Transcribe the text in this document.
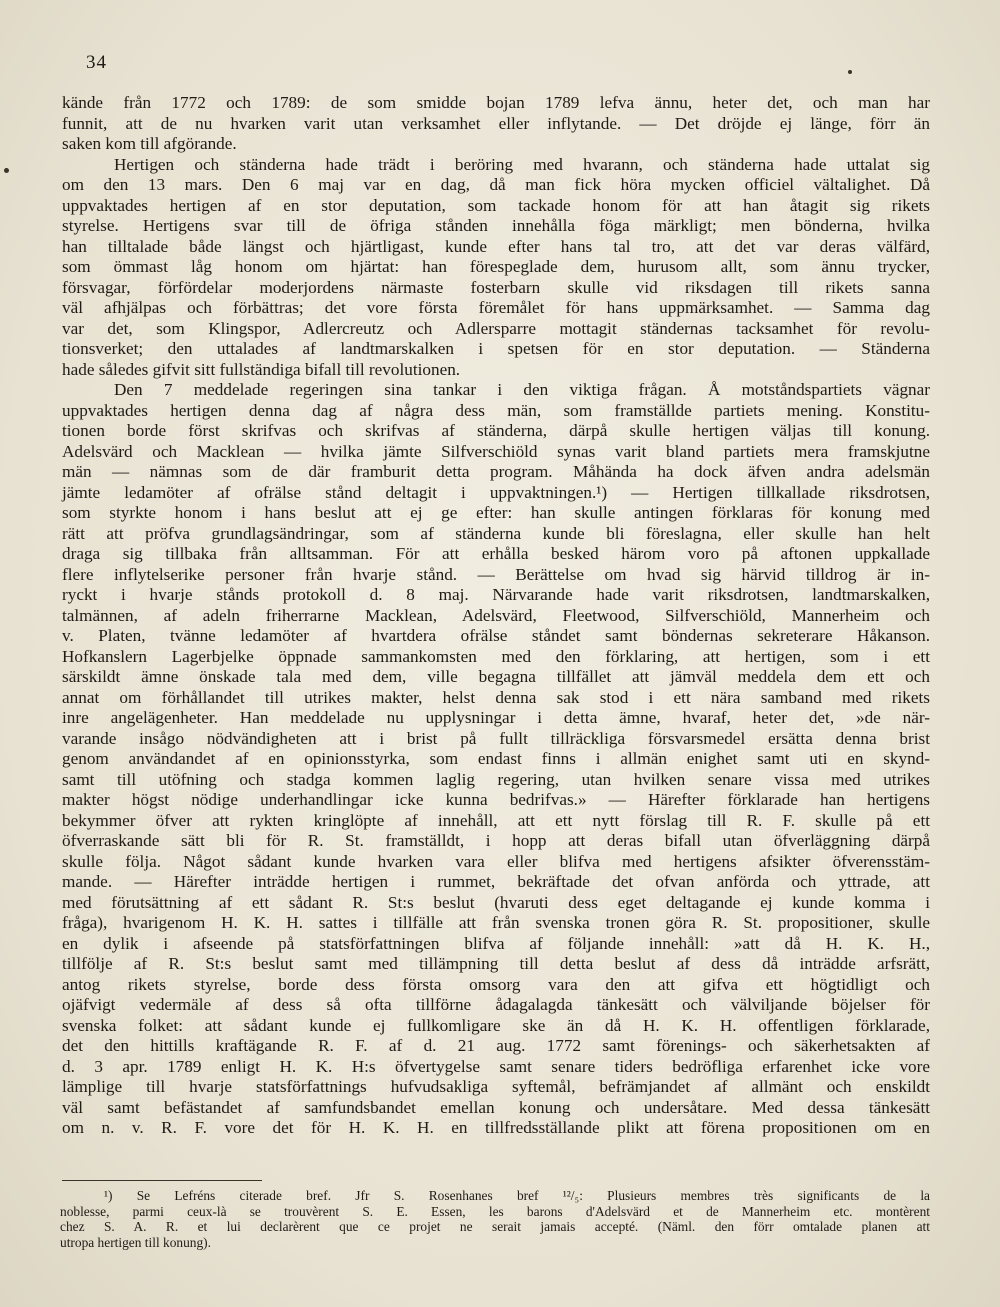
34
kände från 1772 och 1789: de som smidde bojan 1789 lefva ännu, heter det, och man har
funnit, att de nu hvarken varit utan verksamhet eller inflytande. — Det dröjde ej länge, förr än
saken kom till afgörande.
Hertigen och ständerna hade trädt i beröring med hvarann, och ständerna hade uttalat sig
om den 13 mars. Den 6 maj var en dag, då man fick höra mycken officiel vältalighet. Då
uppvaktades hertigen af en stor deputation, som tackade honom för att han åtagit sig rikets
styrelse. Hertigens svar till de öfriga stånden innehålla föga märkligt; men bönderna, hvilka
han tilltalade både längst och hjärtligast, kunde efter hans tal tro, att det var deras välfärd,
som ömmast låg honom om hjärtat: han förespeglade dem, hurusom allt, som ännu trycker,
försvagar, förfördelar moderjordens närmaste fosterbarn skulle vid riksdagen till rikets sanna
väl afhjälpas och förbättras; det vore första föremålet för hans uppmärksamhet. — Samma dag
var det, som Klingspor, Adlercreutz och Adlersparre mottagit ständernas tacksamhet för revolu-
tionsverket; den uttalades af landtmarskalken i spetsen för en stor deputation. — Ständerna
hade således gifvit sitt fullständiga bifall till revolutionen.
Den 7 meddelade regeringen sina tankar i den viktiga frågan. Å motståndspartiets vägnar
uppvaktades hertigen denna dag af några dess män, som framställde partiets mening. Konstitu-
tionen borde först skrifvas och skrifvas af ständerna, därpå skulle hertigen väljas till konung.
Adelsvärd och Macklean — hvilka jämte Silfverschiöld synas varit bland partiets mera framskjutne
män — nämnas som de där framburit detta program. Måhända ha dock äfven andra adelsmän
jämte ledamöter af ofrälse stånd deltagit i uppvaktningen.¹) — Hertigen tillkallade riksdrotsen,
som styrkte honom i hans beslut att ej ge efter: han skulle antingen förklaras för konung med
rätt att pröfva grundlagsändringar, som af ständerna kunde bli föreslagna, eller skulle han helt
draga sig tillbaka från alltsamman. För att erhålla besked härom voro på aftonen uppkallade
flere inflytelserike personer från hvarje stånd. — Berättelse om hvad sig härvid tilldrog är in-
ryckt i hvarje stånds protokoll d. 8 maj. Närvarande hade varit riksdrotsen, landtmarskalken,
talmännen, af adeln friherrarne Macklean, Adelsvärd, Fleetwood, Silfverschiöld, Mannerheim och
v. Platen, tvänne ledamöter af hvartdera ofrälse ståndet samt böndernas sekreterare Håkanson.
Hofkanslern Lagerbjelke öppnade sammankomsten med den förklaring, att hertigen, som i ett
särskildt ämne önskade tala med dem, ville begagna tillfället att jämväl meddela dem ett och
annat om förhållandet till utrikes makter, helst denna sak stod i ett nära samband med rikets
inre angelägenheter. Han meddelade nu upplysningar i detta ämne, hvaraf, heter det, »de när-
varande insågo nödvändigheten att i brist på fullt tillräckliga försvarsmedel ersätta denna brist
genom användandet af en opinionsstyrka, som endast finns i allmän enighet samt uti en skynd-
samt till utöfning och stadga kommen laglig regering, utan hvilken senare vissa med utrikes
makter högst nödige underhandlingar icke kunna bedrifvas.» — Härefter förklarade han hertigens
bekymmer öfver att rykten kringlöpte af innehåll, att ett nytt förslag till R. F. skulle på ett
öfverraskande sätt bli för R. St. framställdt, i hopp att deras bifall utan öfverläggning därpå
skulle följa. Något sådant kunde hvarken vara eller blifva med hertigens afsikter öfverensstäm-
mande. — Härefter inträdde hertigen i rummet, bekräftade det ofvan anförda och yttrade, att
med förutsättning af ett sådant R. St:s beslut (hvaruti dess eget deltagande ej kunde komma i
fråga), hvarigenom H. K. H. sattes i tillfälle att från svenska tronen göra R. St. propositioner, skulle
en dylik i afseende på statsförfattningen blifva af följande innehåll: »att då H. K. H.,
tillfölje af R. St:s beslut samt med tillämpning till detta beslut af dess då inträdde arfsrätt,
antog rikets styrelse, borde dess första omsorg vara den att gifva ett högtidligt och
ojäfvigt vedermäle af dess så ofta tillförne ådagalagda tänkesätt och välviljande böjelser för
svenska folket: att sådant kunde ej fullkomligare ske än då H. K. H. offentligen förklarade,
det den hittills kraftägande R. F. af d. 21 aug. 1772 samt förenings- och säkerhetsakten af
d. 3 apr. 1789 enligt H. K. H:s öfvertygelse samt senare tiders bedröfliga erfarenhet icke vore
lämplige till hvarje statsförfattnings hufvudsakliga syftemål, befrämjandet af allmänt och enskildt
väl samt befästandet af samfundsbandet emellan konung och undersåtare. Med dessa tänkesätt
om n. v. R. F. vore det för H. K. H. en tillfredsställande plikt att förena propositionen om en
¹) Se Lefréns citerade bref. Jfr S. Rosenhanes bref ¹²/₅: Plusieurs membres très significants de la
noblesse, parmi ceux-là se trouvèrent S. E. Essen, les barons d'Adelsvärd et de Mannerheim etc. montèrent
chez S. A. R. et lui declarèrent que ce projet ne serait jamais accepté. (Näml. den förr omtalade planen att
utropa hertigen till konung).
